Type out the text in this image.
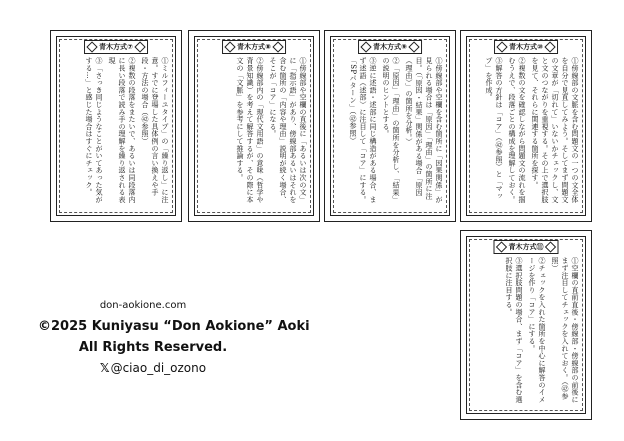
青木方式⑦

①ミルフィーユタイプ」の「繰り返し」に注意。すでに登場した具体例の言い換えや手段・方法の場合（㊷参照）

②複数の段落をまたいで、あるいは同段落内に長い段落で読み手の理解を繰り返される表現

③「さっき同じようなことがいてあった気がする…」と感じた場合はすぐにチェック。

青木方式⑧

①傍線部や空欄の直後に「あるいは次の文」に「指示語」があり、傍線部あるいはそれを含む箇所の「内容や理由」説明が続く場合、そこが「コア」になる。

②傍線部内の「現代文用語」の意味（哲学や背景知識）を考えて解答するが、その際に本文の「文脈」を参考にして推論する。

青木方式⑨

①傍線部や空欄を含む箇所に「因果関係」が見られる場合は「原因」「理由」の箇所に注目。（「原因・結果」関係がある場合「原因（理由）」の箇所を分析。）

②「原因」「理由」の箇所を分析し、「結果」の説明のヒントとする。

③逆に述語・述部に同じ構造がある場合、まず述語（述部）に注目して「コア」にする。「SPパターン」（㊷参照）

青木方式⑩

①傍線部の文脈を含む問題文の一つの文全体を自分で見直してみよう。そしてまず問題文の文章が「切れて」いないかチェックし、文と文のつながりを重視する。その上で選択肢を見て、それらに関連する箇所を探す。

②複数の文を確認しながら問題文の流れを掴むうえで、段落ごとの構成を理解しておく。

③解答の方針は「コア」（㊷参照）と「マップ」を作成。

青木方式⑪

①空欄の直前直後・傍線部・傍線部の前後にまず注目してチェックを入れておく。（㊷参照）

②チェックを入れた箇所を中心に解答のイメージを作り「コア」にする。

③選択肢問題の場合、まず「コア」を含む選択肢に注目する。

don-aokione.com
©2025 Kuniyasu “Don Aokione” Aoki
All Rights Reserved.
𝕏@ciao_di_ozono
